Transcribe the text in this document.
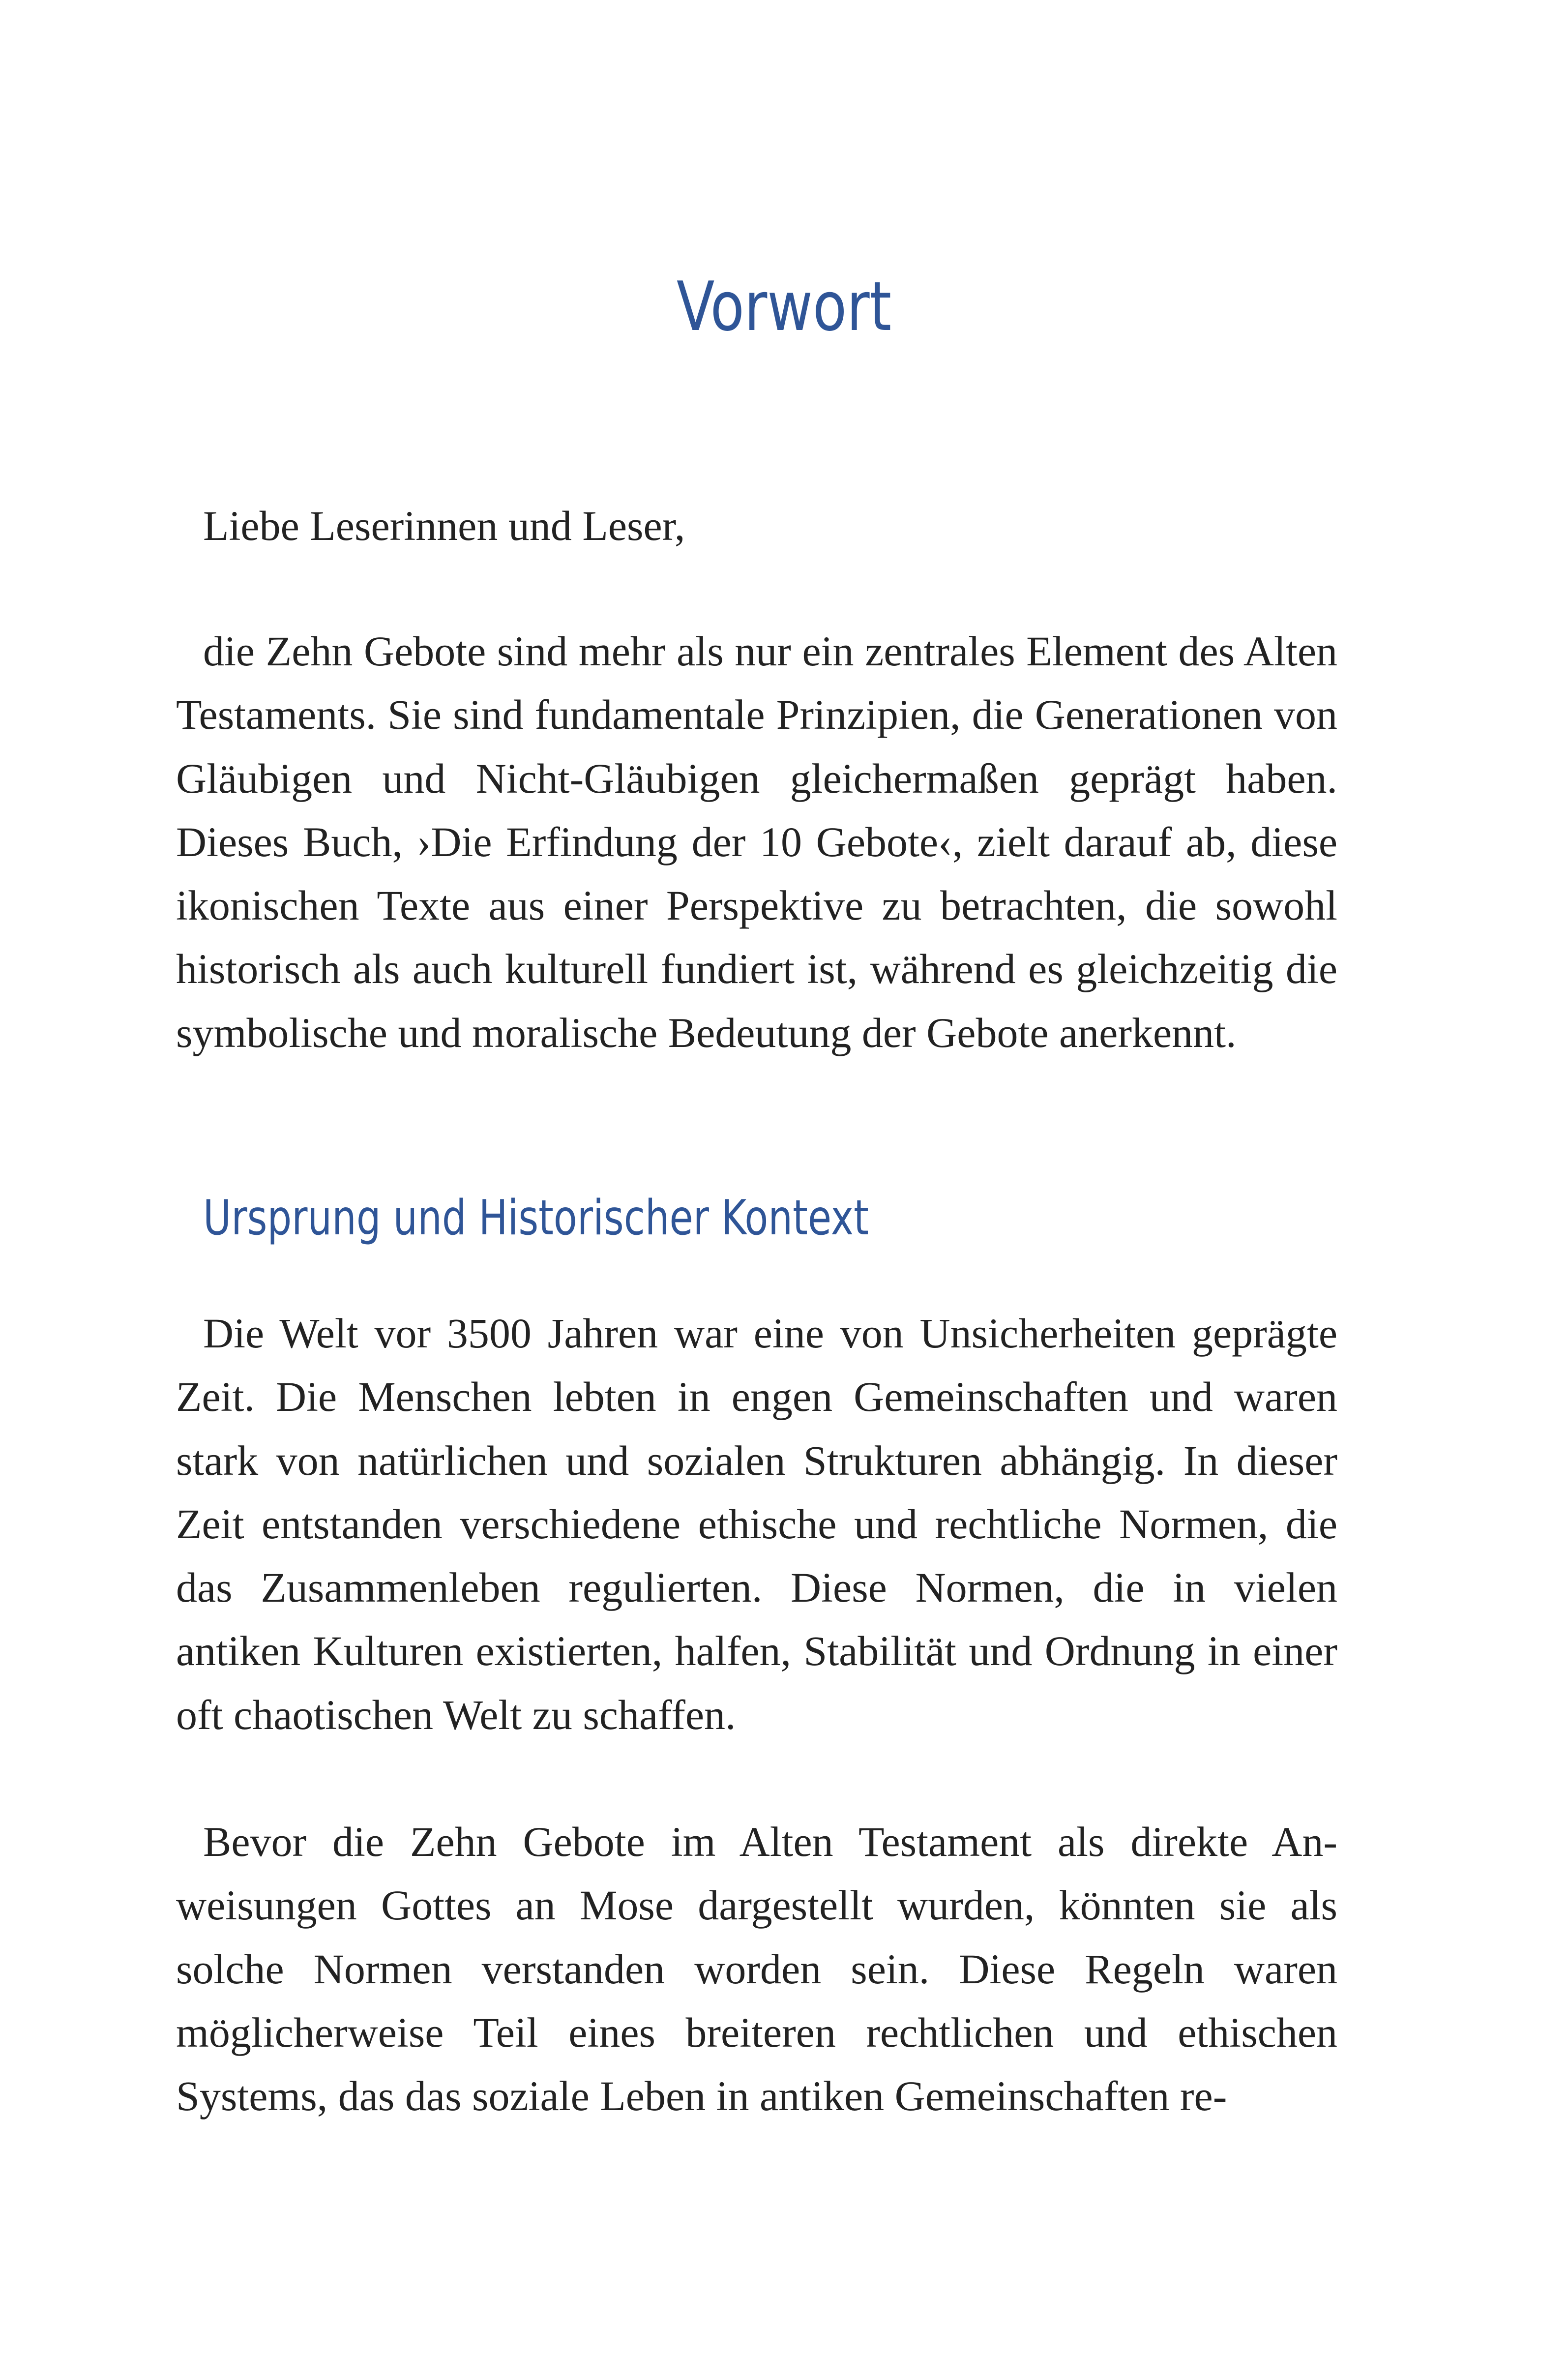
Vorwort

Liebe Leserinnen und Leser,

die Zehn Gebote sind mehr als nur ein zentrales Element des Alten Testaments. Sie sind fundamentale Prinzipien, die Generationen von Gläubigen und Nicht-Gläubigen gleichermaßen geprägt haben. Dieses Buch, ›Die Erfindung der 10 Gebote‹, zielt darauf ab, diese ikonischen Texte aus einer Perspektive zu betrachten, die sowohl historisch als auch kulturell fundiert ist, während es gleichzeitig die symbolische und moralische Bedeutung der Gebote anerkennt.

Ursprung und Historischer Kontext

Die Welt vor 3500 Jahren war eine von Unsicherheiten geprägte Zeit. Die Menschen lebten in engen Gemeinschaften und waren stark von natürlichen und sozialen Strukturen abhängig. In dieser Zeit entstanden verschiedene ethische und rechtliche Normen, die das Zusammenleben regulierten. Diese Normen, die in vielen antiken Kulturen existierten, halfen, Stabilität und Ordnung in einer oft chaotischen Welt zu schaffen.

Bevor die Zehn Gebote im Alten Testament als direkte Anweisungen Gottes an Mose dargestellt wurden, könnten sie als solche Normen verstanden worden sein. Diese Regeln waren möglicherweise Teil eines breiteren rechtlichen und ethischen Systems, das das soziale Leben in antiken Gemeinschaften re-
